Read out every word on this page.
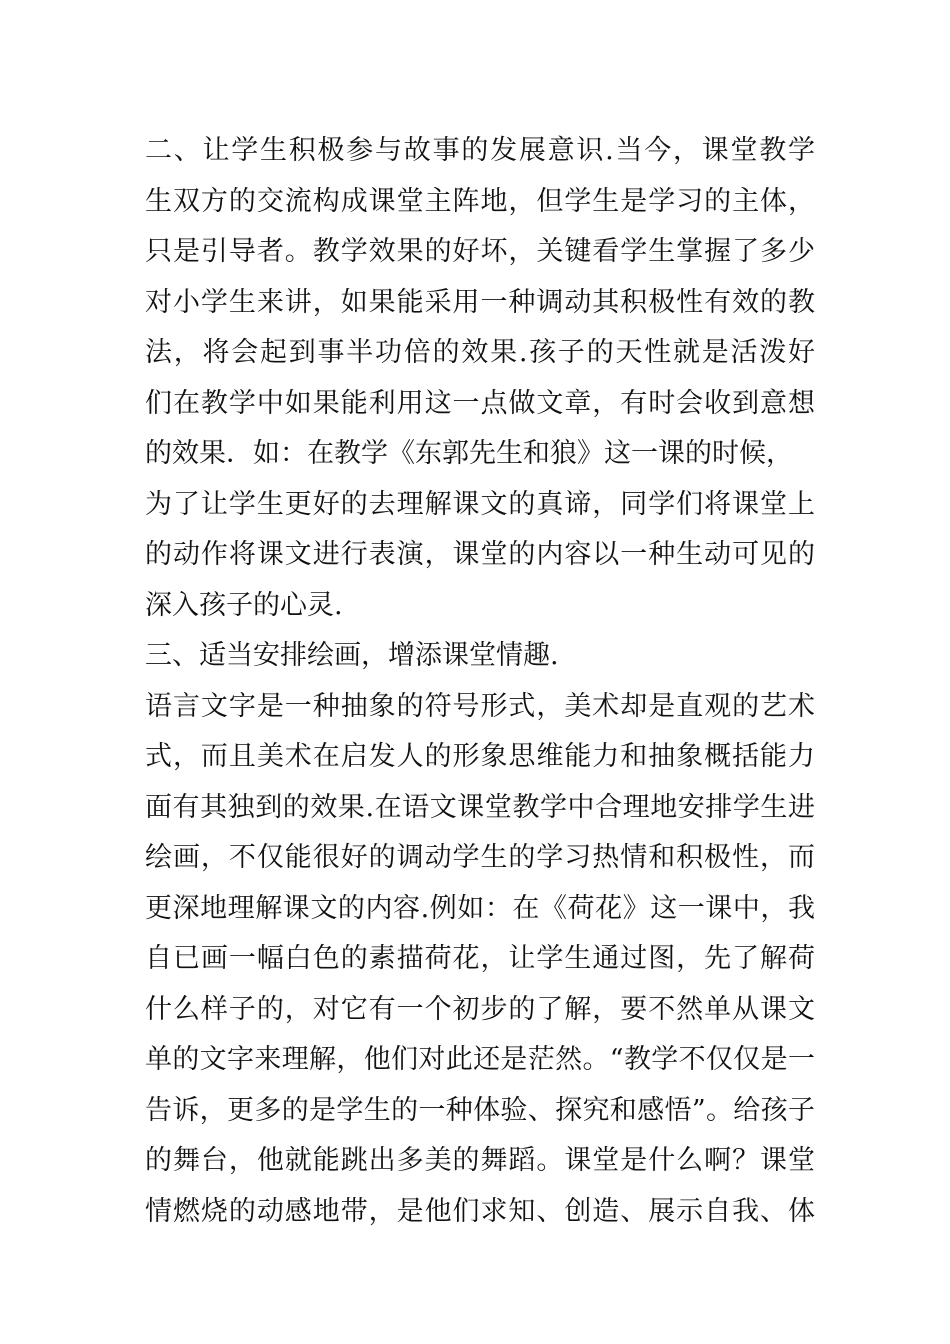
二、让学生积极参与故事的发展意识.当今，课堂教学
生双方的交流构成课堂主阵地，但学生是学习的主体，
只是引导者。教学效果的好坏，关键看学生掌握了多少
对小学生来讲，如果能采用一种调动其积极性有效的教
法，将会起到事半功倍的效果.孩子的天性就是活泼好
们在教学中如果能利用这一点做文章，有时会收到意想
的效果．如：在教学《东郭先生和狼》这一课的时候，
为了让学生更好的去理解课文的真谛，同学们将课堂上
的动作将课文进行表演，课堂的内容以一种生动可见的
深入孩子的心灵.
三、适当安排绘画，增添课堂情趣.
语言文字是一种抽象的符号形式，美术却是直观的艺术
式，而且美术在启发人的形象思维能力和抽象概括能力
面有其独到的效果.在语文课堂教学中合理地安排学生进
绘画，不仅能很好的调动学生的学习热情和积极性，而
更深地理解课文的内容.例如：在《荷花》这一课中，我
自已画一幅白色的素描荷花，让学生通过图，先了解荷
什么样子的，对它有一个初步的了解，要不然单从课文
单的文字来理解，他们对此还是茫然。“教学不仅仅是一
告诉，更多的是学生的一种体验、探究和感悟”。给孩子
的舞台，他就能跳出多美的舞蹈。课堂是什么啊？课堂
情燃烧的动感地带，是他们求知、创造、展示自我、体
